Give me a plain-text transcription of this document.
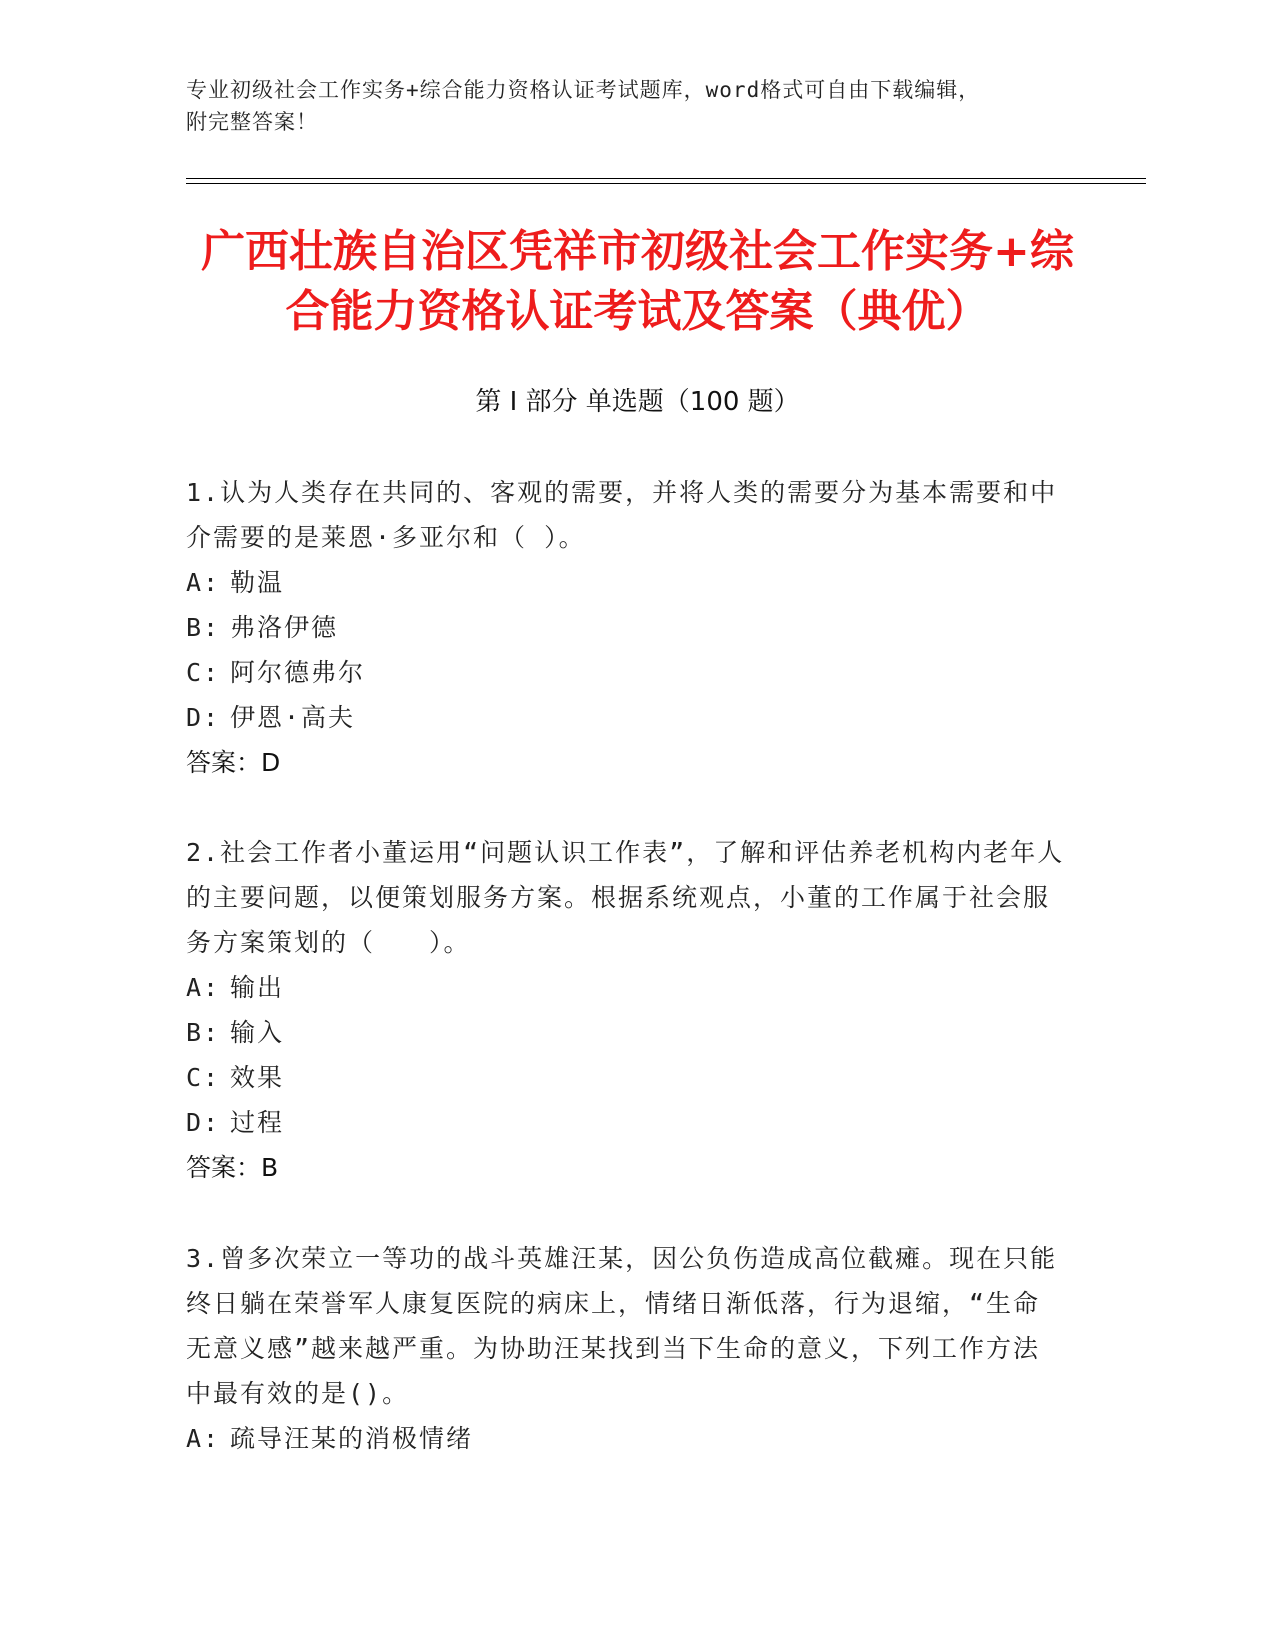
专业初级社会工作实务+综合能力资格认证考试题库，word格式可自由下载编辑，
附完整答案！
广西壮族自治区凭祥市初级社会工作实务+综
合能力资格认证考试及答案（典优）
第 I 部分 单选题（100 题）

1.认为人类存在共同的、客观的需要，并将人类的需要分为基本需要和中介需要的是莱恩·多亚尔和（ ）。

A: 勒温

B: 弗洛伊德

C: 阿尔德弗尔

D: 伊恩·高夫

答案：D

2.社会工作者小董运用“问题认识工作表”，了解和评估养老机构内老年人的主要问题，以便策划服务方案。根据系统观点，小董的工作属于社会服务方案策划的（　　）。

A: 输出

B: 输入

C: 效果

D: 过程

答案：B

3.曾多次荣立一等功的战斗英雄汪某，因公负伤造成高位截瘫。现在只能终日躺在荣誉军人康复医院的病床上，情绪日渐低落，行为退缩，“生命无意义感”越来越严重。为协助汪某找到当下生命的意义，下列工作方法中最有效的是()。

A: 疏导汪某的消极情绪
